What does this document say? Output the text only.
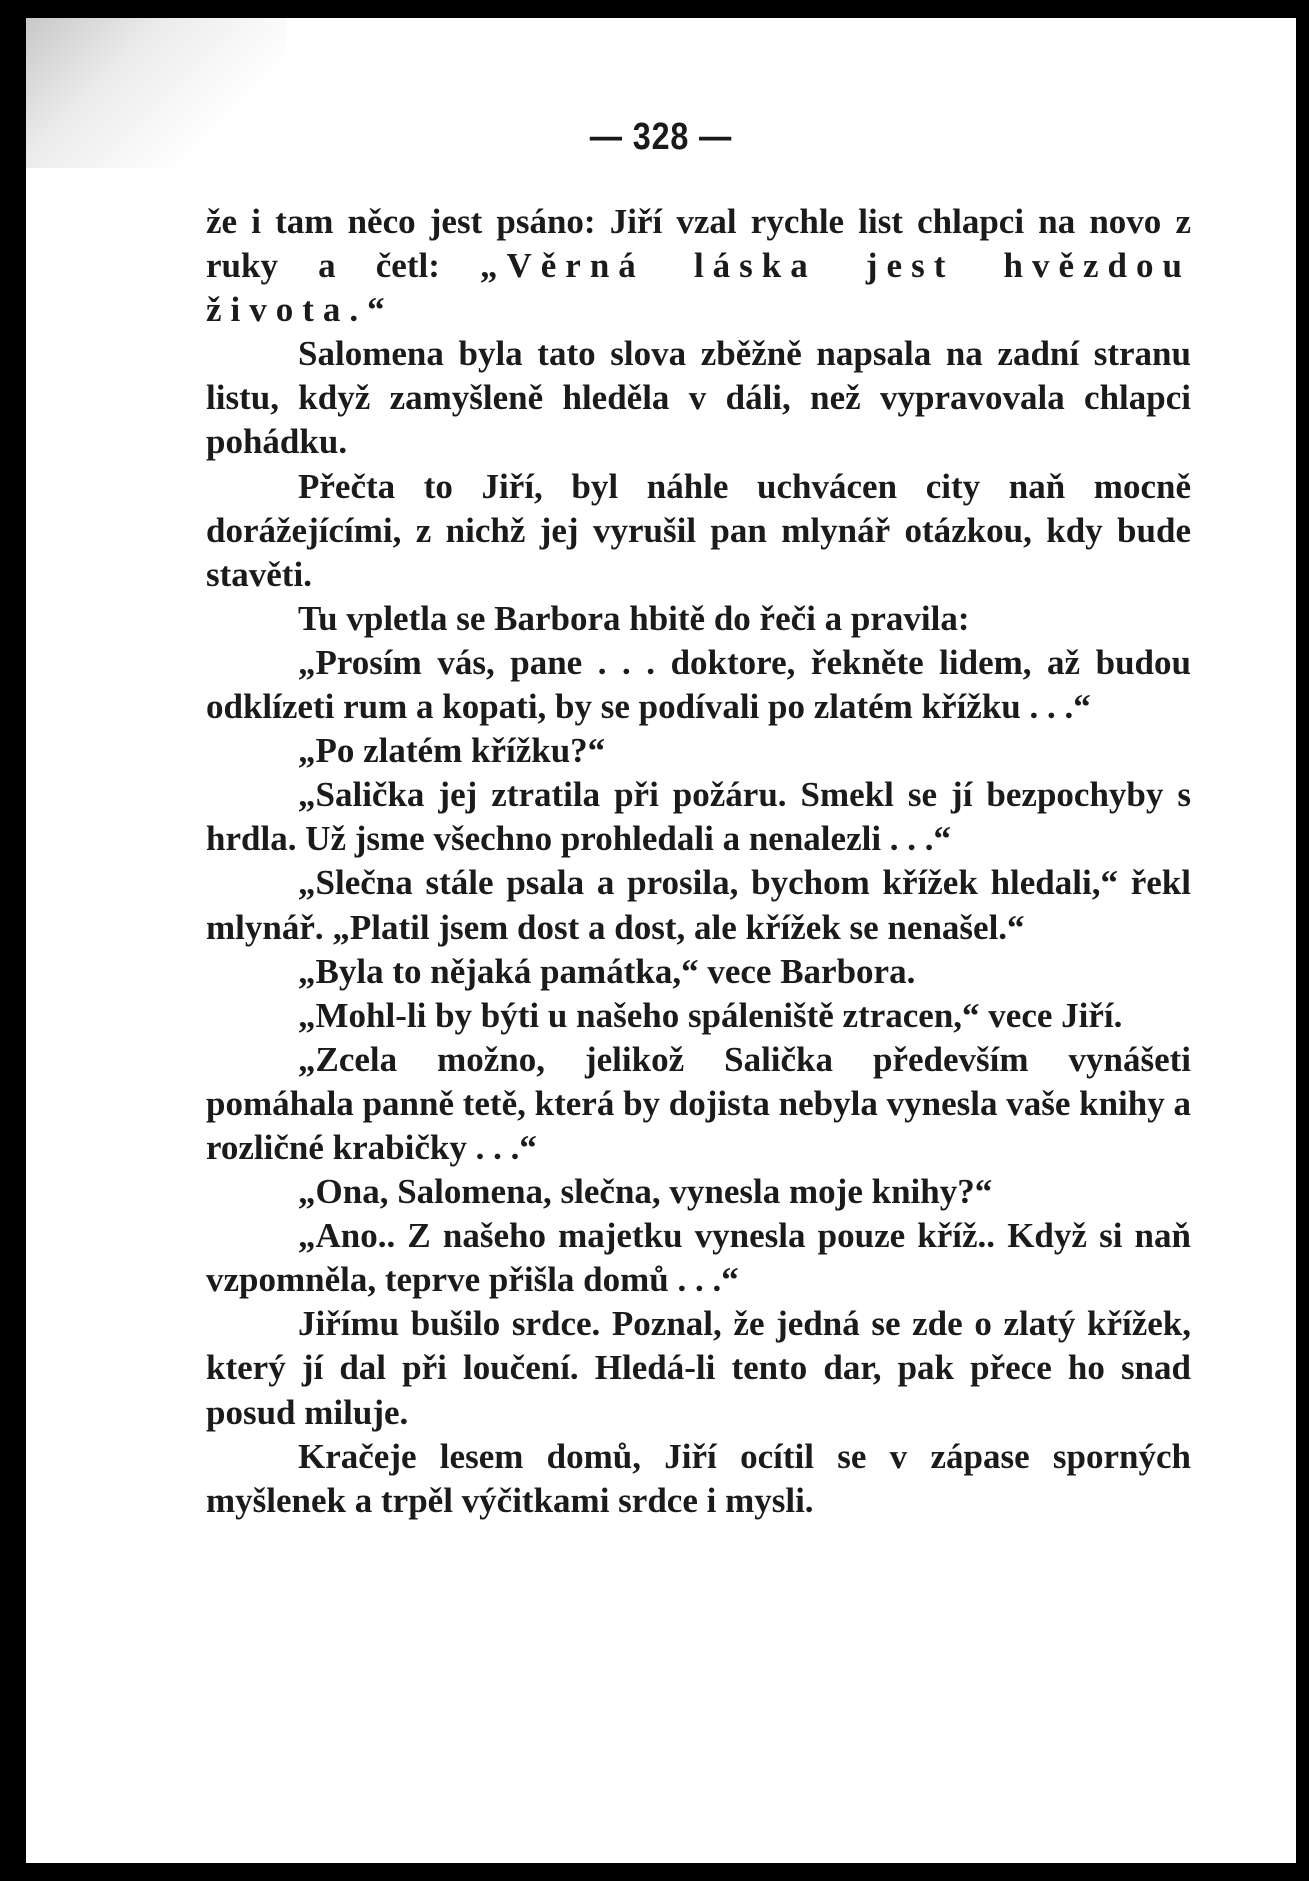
— 328 —

že i tam něco jest psáno: Jiří vzal rychle list chlapci na novo z ruky a četl: „Věrná láska jest hvězdou života.“

Salomena byla tato slova zběžně napsala na zadní stranu listu, když zamyšleně hleděla v dáli, než vypravovala chlapci pohádku.

Přečta to Jiří, byl náhle uchvácen city naň mocně dorážejícími, z nichž jej vyrušil pan mlynář otázkou, kdy bude stavěti.

Tu vpletla se Barbora hbitě do řeči a pravila:

„Prosím vás, pane . . . doktore, řekněte lidem, až budou odklízeti rum a kopati, by se podívali po zlatém křížku . . .“

„Po zlatém křížku?“

„Salička jej ztratila při požáru. Smekl se jí bezpochyby s hrdla. Už jsme všechno prohledali a nenalezli . . .“

„Slečna stále psala a prosila, bychom křížek hledali,“ řekl mlynář. „Platil jsem dost a dost, ale křížek se nenašel.“

„Byla to nějaká památka,“ vece Barbora.

„Mohl-li by býti u našeho spáleniště ztracen,“ vece Jiří.

„Zcela možno, jelikož Salička především vynášeti pomáhala panně tetě, která by dojista nebyla vynesla vaše knihy a rozličné krabičky . . .“

„Ona, Salomena, slečna, vynesla moje knihy?“

„Ano.. Z našeho majetku vynesla pouze kříž.. Když si naň vzpomněla, teprve přišla domů . . .“

Jiřímu bušilo srdce. Poznal, že jedná se zde o zlatý křížek, který jí dal při loučení. Hledá-li tento dar, pak přece ho snad posud miluje.

Kračeje lesem domů, Jiří ocítil se v zápase sporných myšlenek a trpěl výčitkami srdce i mysli.
